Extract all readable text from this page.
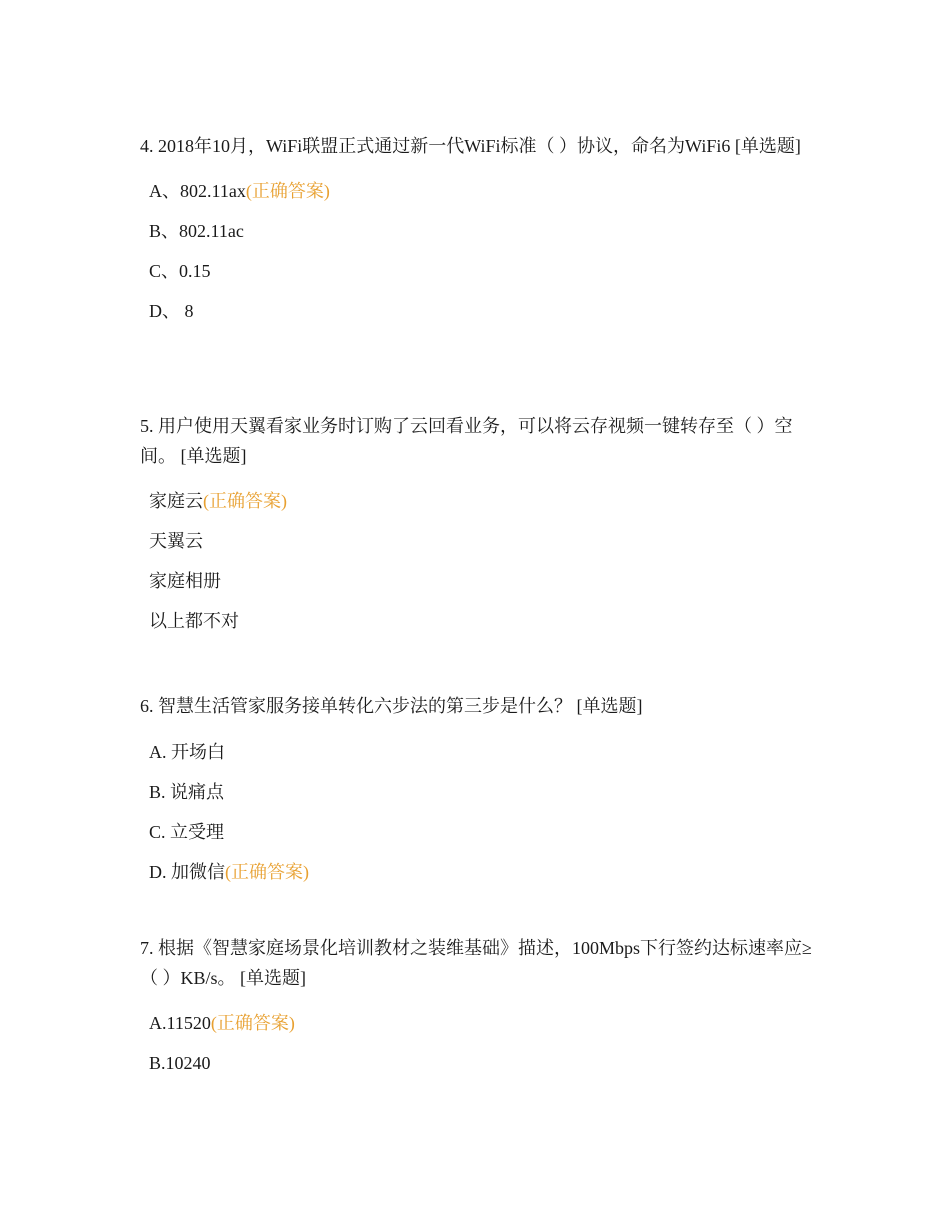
4. 2018年10月，WiFi联盟正式通过新一代WiFi标准（ ）协议，命名为WiFi6 [单选题]

A、802.11ax(正确答案)
B、802.11ac
C、0.15
D、 8

5. 用户使用天翼看家业务时订购了云回看业务，可以将云存视频一键转存至（ ）空间。 [单选题]

家庭云(正确答案)
天翼云
家庭相册
以上都不对

6. 智慧生活管家服务接单转化六步法的第三步是什么？ [单选题]

A. 开场白
B. 说痛点
C. 立受理
D. 加微信(正确答案)

7. 根据《智慧家庭场景化培训教材之装维基础》描述，100Mbps下行签约达标速率应≥（ ）KB/s。 [单选题]

A.11520(正确答案)
B.10240
